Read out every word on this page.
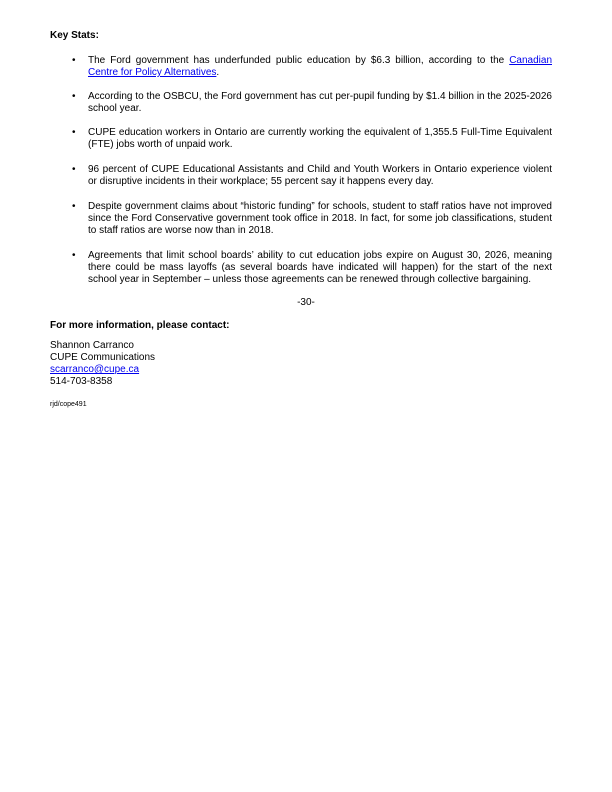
Key Stats:
• The Ford government has underfunded public education by $6.3 billion, according to the Canadian Centre for Policy Alternatives.
• According to the OSBCU, the Ford government has cut per-pupil funding by $1.4 billion in the 2025-2026 school year.
• CUPE education workers in Ontario are currently working the equivalent of 1,355.5 Full-Time Equivalent (FTE) jobs worth of unpaid work.
• 96 percent of CUPE Educational Assistants and Child and Youth Workers in Ontario experience violent or disruptive incidents in their workplace; 55 percent say it happens every day.
• Despite government claims about “historic funding” for schools, student to staff ratios have not improved since the Ford Conservative government took office in 2018. In fact, for some job classifications, student to staff ratios are worse now than in 2018.
• Agreements that limit school boards’ ability to cut education jobs expire on August 30, 2026, meaning there could be mass layoffs (as several boards have indicated will happen) for the start of the next school year in September – unless those agreements can be renewed through collective bargaining.
-30-
For more information, please contact:
Shannon Carranco
CUPE Communications
scarranco@cupe.ca
514-703-8358
rjd/cope491
